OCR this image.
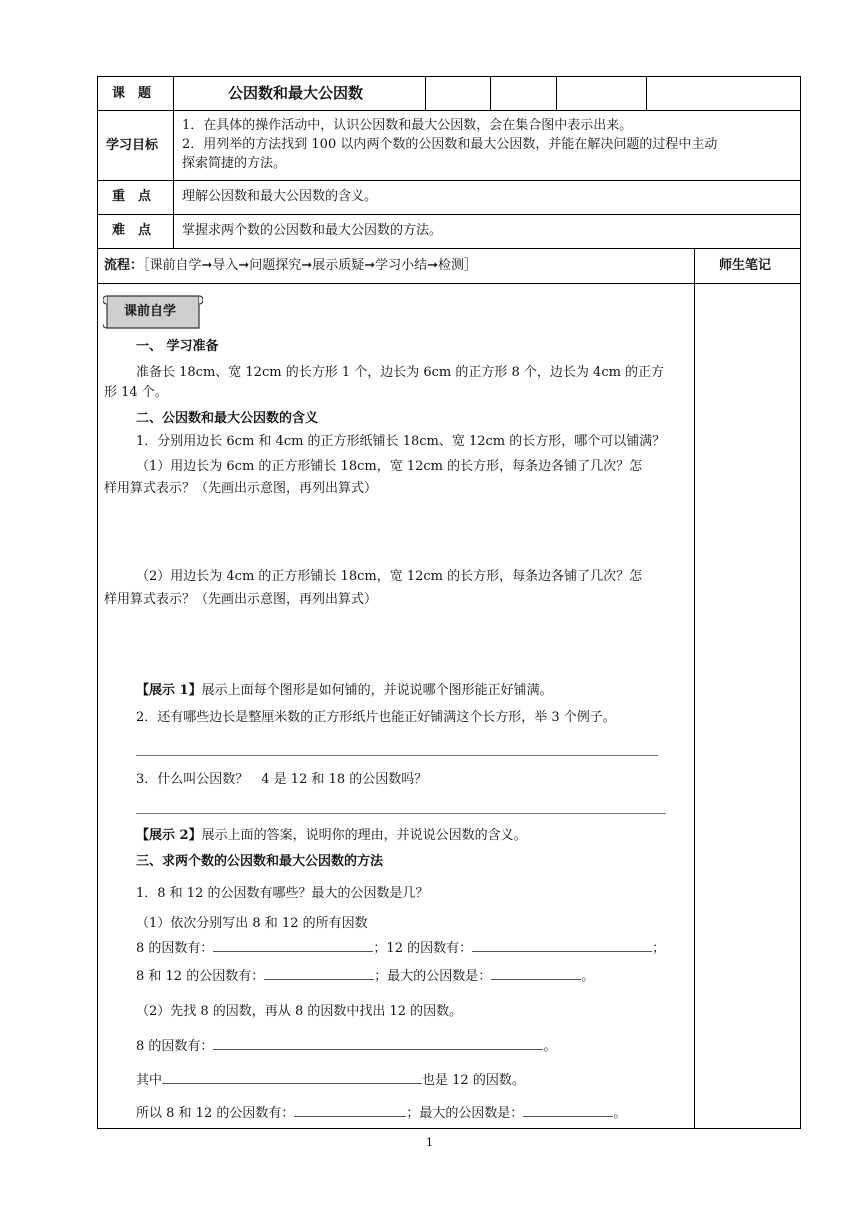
课　题	公因数和最大公因数
学习目标
1．在具体的操作活动中，认识公因数和最大公因数，会在集合图中表示出来。
2．用列举的方法找到 100 以内两个数的公因数和最大公因数，并能在解决问题的过程中主动
探索简捷的方法。
重　点 理解公因数和最大公因数的含义。
难　点 掌握求两个数的公因数和最大公因数的方法。
流程：［课前自学➞导入➞问题探究➞展示质疑➞学习小结➞检测］	师生笔记
课前自学
一、 学习准备
准备长 18cm、宽 12cm 的长方形 1 个，边长为 6cm 的正方形 8 个，边长为 4cm 的正方
形 14 个。
二、公因数和最大公因数的含义
1．分别用边长 6cm 和 4cm 的正方形纸铺长 18cm、宽 12cm 的长方形，哪个可以铺满？
（1）用边长为 6cm 的正方形铺长 18cm，宽 12cm 的长方形，每条边各铺了几次？怎
样用算式表示？（先画出示意图，再列出算式）
（2）用边长为 4cm 的正方形铺长 18cm，宽 12cm 的长方形，每条边各铺了几次？怎
样用算式表示？（先画出示意图，再列出算式）
【展示 1】展示上面每个图形是如何铺的，并说说哪个图形能正好铺满。
2．还有哪些边长是整厘米数的正方形纸片也能正好铺满这个长方形，举 3 个例子。
3．什么叫公因数？　4 是 12 和 18 的公因数吗？
【展示 2】展示上面的答案，说明你的理由，并说说公因数的含义。
三、求两个数的公因数和最大公因数的方法
1．8 和 12 的公因数有哪些？最大的公因数是几？
（1）依次分别写出 8 和 12 的所有因数
8 的因数有：	；12 的因数有：	；
8 和 12 的公因数有：	；最大的公因数是：	。
（2）先找 8 的因数，再从 8 的因数中找出 12 的因数。
8 的因数有：	。
其中	也是 12 的因数。
所以 8 和 12 的公因数有：	；最大的公因数是：	。
1
